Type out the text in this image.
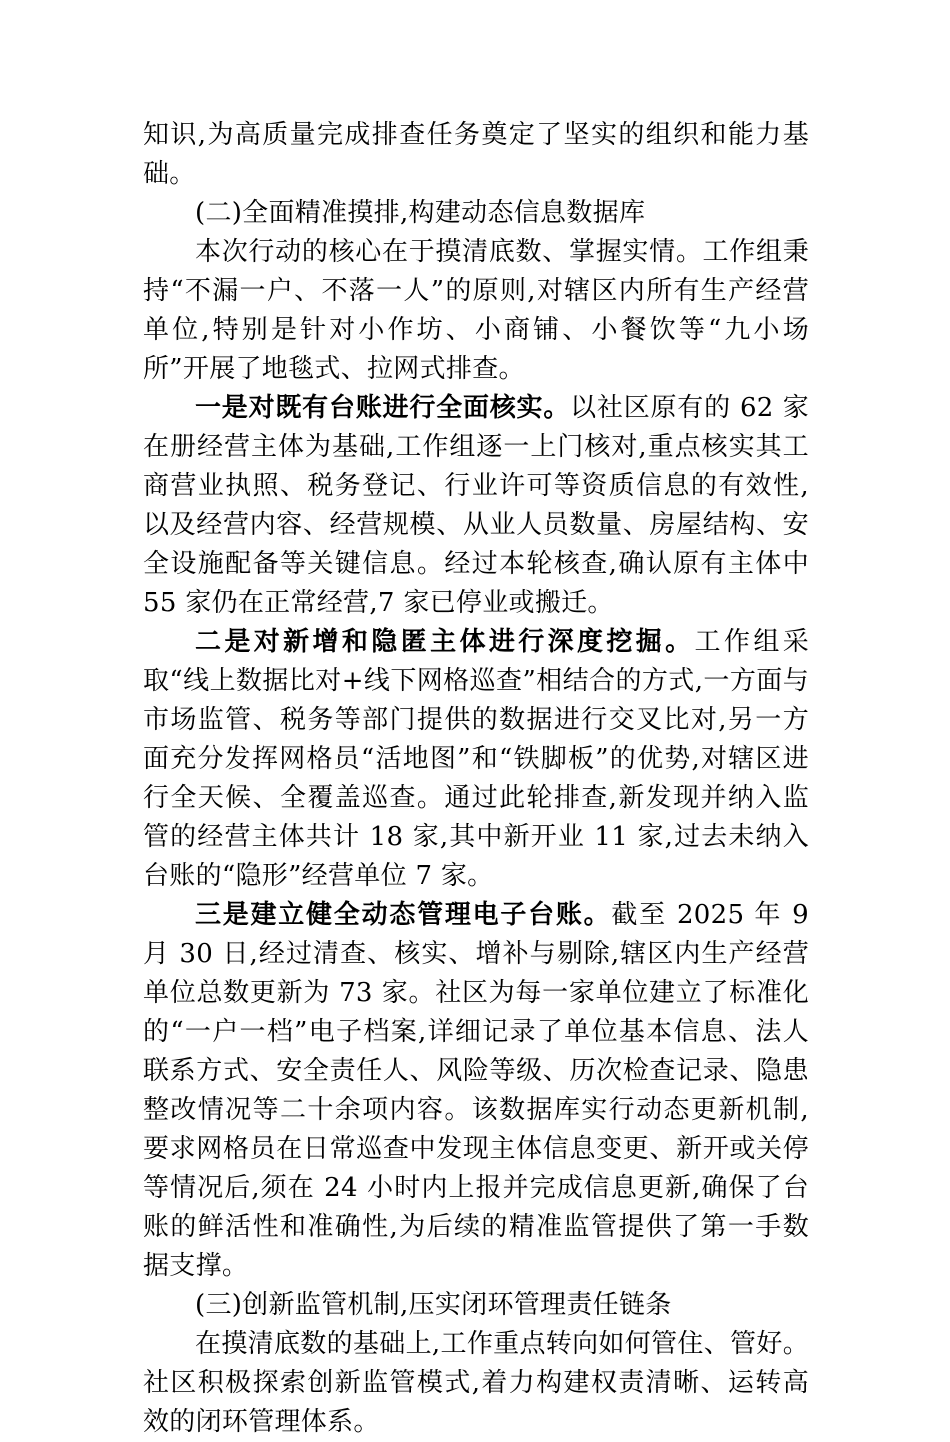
知识,为高质量完成排查任务奠定了坚实的组织和能力基础。

(二)全面精准摸排,构建动态信息数据库

本次行动的核心在于摸清底数、掌握实情。工作组秉持“不漏一户、不落一人”的原则,对辖区内所有生产经营单位,特别是针对小作坊、小商铺、小餐饮等“九小场所”开展了地毯式、拉网式排查。

一是对既有台账进行全面核实。以社区原有的 62 家在册经营主体为基础,工作组逐一上门核对,重点核实其工商营业执照、税务登记、行业许可等资质信息的有效性,以及经营内容、经营规模、从业人员数量、房屋结构、安全设施配备等关键信息。经过本轮核查,确认原有主体中 55 家仍在正常经营,7 家已停业或搬迁。

二是对新增和隐匿主体进行深度挖掘。工作组采取“线上数据比对+线下网格巡查”相结合的方式,一方面与市场监管、税务等部门提供的数据进行交叉比对,另一方面充分发挥网格员“活地图”和“铁脚板”的优势,对辖区进行全天候、全覆盖巡查。通过此轮排查,新发现并纳入监管的经营主体共计 18 家,其中新开业 11 家,过去未纳入台账的“隐形”经营单位 7 家。

三是建立健全动态管理电子台账。截至 2025 年 9 月 30 日,经过清查、核实、增补与剔除,辖区内生产经营单位总数更新为 73 家。社区为每一家单位建立了标准化的“一户一档”电子档案,详细记录了单位基本信息、法人联系方式、安全责任人、风险等级、历次检查记录、隐患整改情况等二十余项内容。该数据库实行动态更新机制,要求网格员在日常巡查中发现主体信息变更、新开或关停等情况后,须在 24 小时内上报并完成信息更新,确保了台账的鲜活性和准确性,为后续的精准监管提供了第一手数据支撑。

(三)创新监管机制,压实闭环管理责任链条

在摸清底数的基础上,工作重点转向如何管住、管好。社区积极探索创新监管模式,着力构建权责清晰、运转高效的闭环管理体系。
